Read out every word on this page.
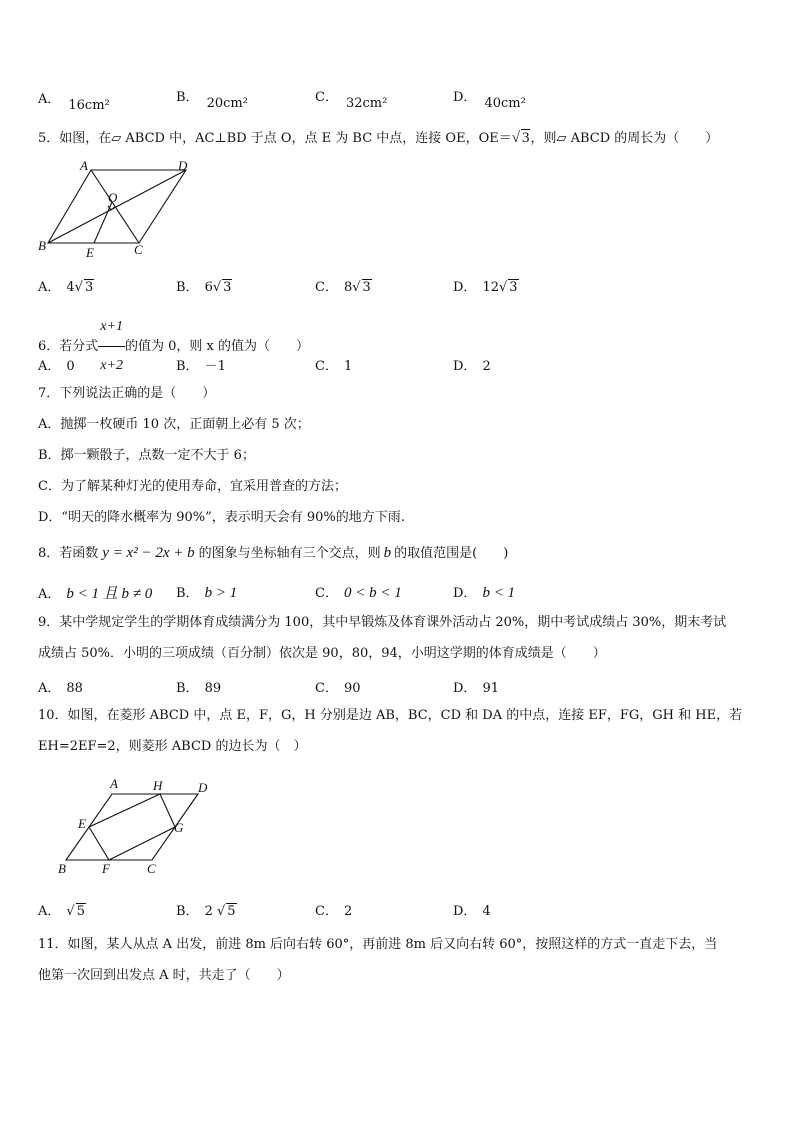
A． 16cm²
B． 20cm²	C． 32cm²	D． 40cm²
5．如图，在▱ ABCD 中，AC⊥BD 于点 O，点 E 为 BC 中点，连接 OE，OE＝√ 3，则▱ ABCD 的周长为（　　）
A	D
O
B	E	C
A． 4√ 3	B． 6√ 3	C． 8√ 3	D． 12√ 3
6．若分式 $\frac{x+1}{x+2}$ 的值为 0，则 x 的值为（　　）
A． 0	B． －1	C． 1	D． 2
7．下列说法正确的是（　　）
A．抛掷一枚硬币 10 次，正面朝上必有 5 次；
B．掷一颗骰子，点数一定不大于 6；
C．为了解某种灯光的使用寿命，宜采用普查的方法；
D．“明天的降水概率为 90%”，表示明天会有 90%的地方下雨.
8．若函数 y = x² − 2x + b 的图象与坐标轴有三个交点，则 b 的取值范围是(　　)
A． b < 1 且 b ≠ 0 B． b > 1	C． 0 < b < 1	D． b < 1
9．某中学规定学生的学期体育成绩满分为 100，其中早锻炼及体育课外活动占 20%，期中考试成绩占 30%，期末考试
成绩占 50%．小明的三项成绩（百分制）依次是 90，80，94，小明这学期的体育成绩是（　　）
A． 88	B． 89	C． 90	D． 91
10．如图，在菱形 ABCD 中，点 E，F，G，H 分别是边 AB，BC，CD 和 DA 的中点，连接 EF，FG，GH 和 HE，若
EH=2EF=2，则菱形 ABCD 的边长为（　）
A	H	D
E	G
B	F	C
A． √ 5	B． 2 √ 5	C． 2	D． 4
11．如图，某人从点 A 出发，前进 8m 后向右转 60°，再前进 8m 后又向右转 60°，按照这样的方式一直走下去，当
他第一次回到出发点 A 时，共走了（　　）
